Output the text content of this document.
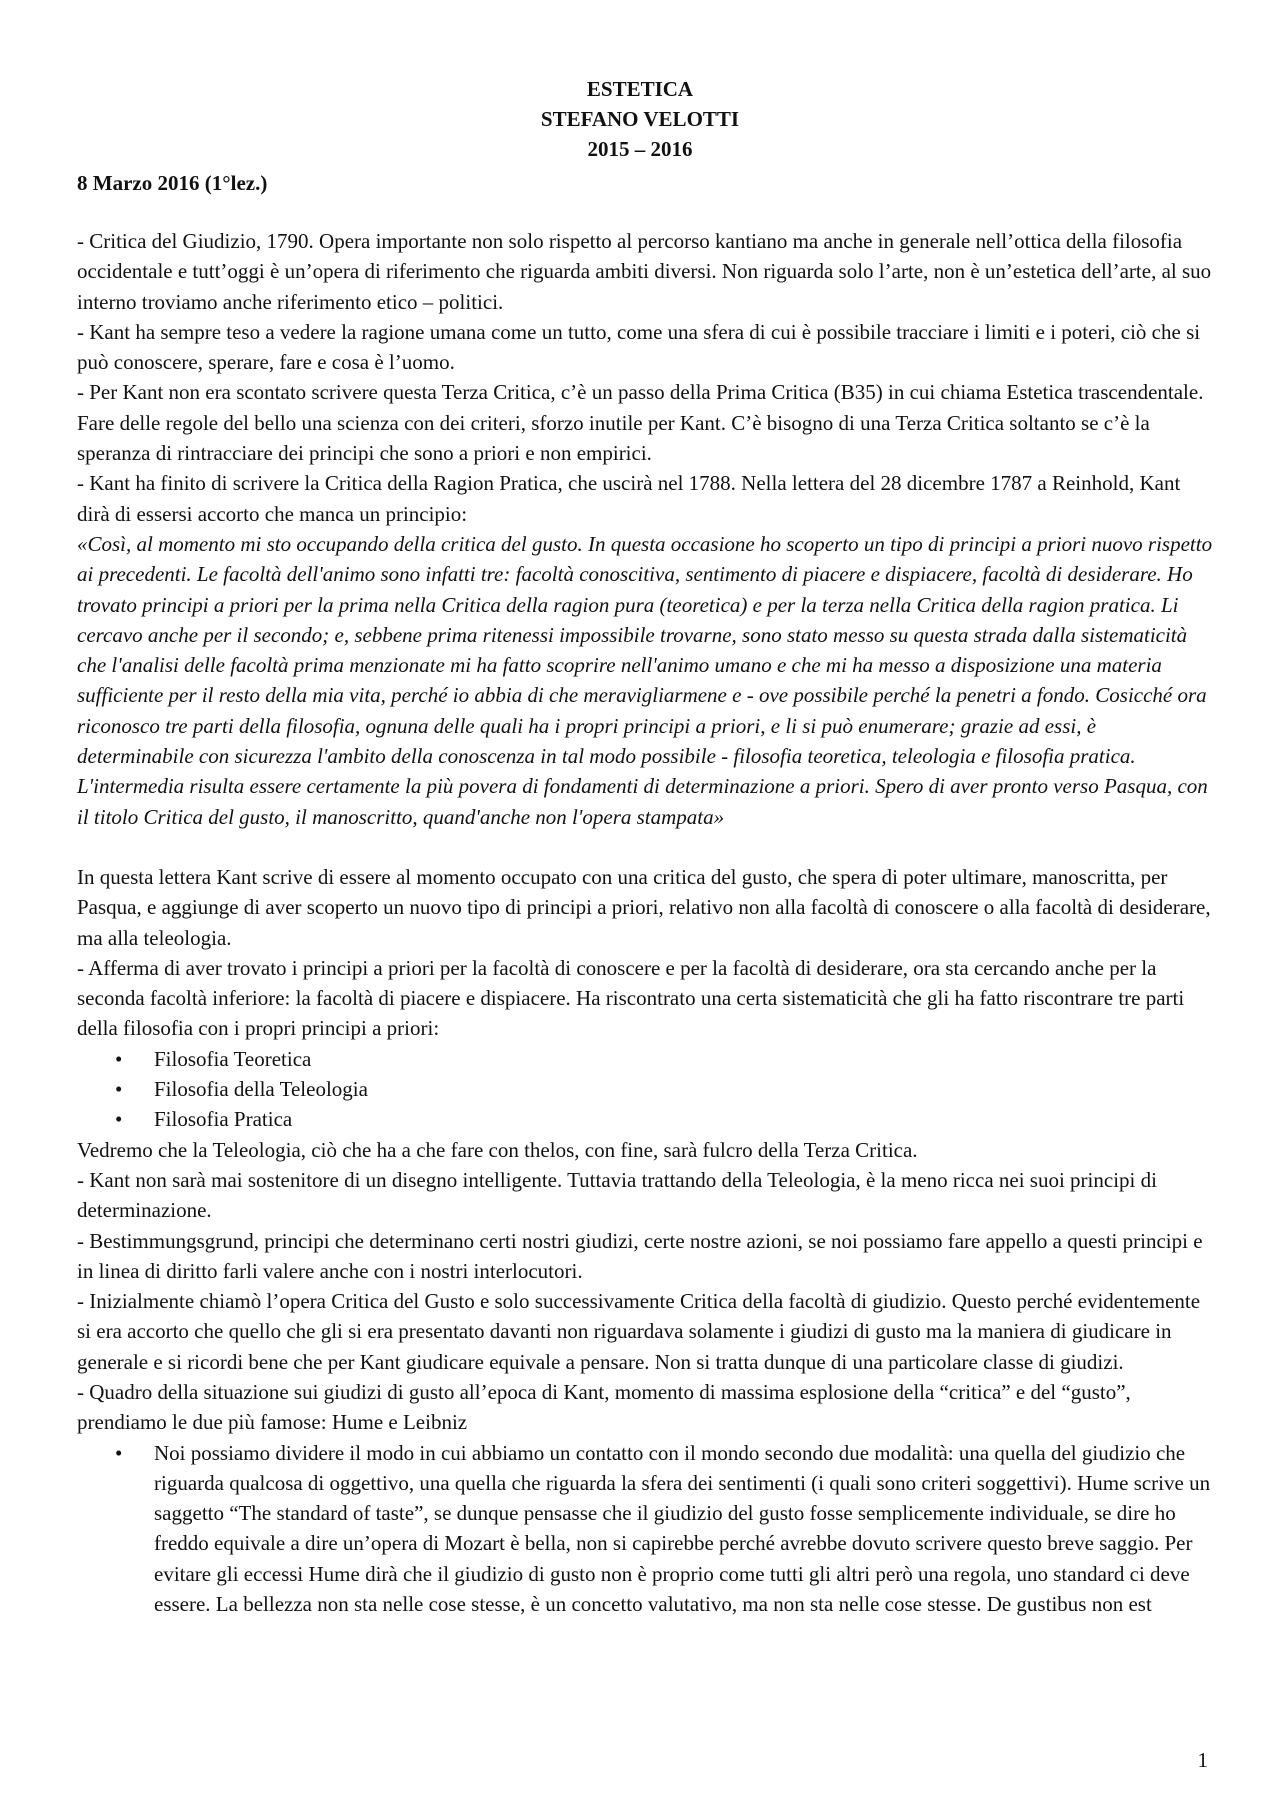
ESTETICA
STEFANO VELOTTI
2015 – 2016
8 Marzo 2016 (1°lez.)

- Critica del Giudizio, 1790. Opera importante non solo rispetto al percorso kantiano ma anche in generale nell’ottica della filosofia occidentale e tutt’oggi è un’opera di riferimento che riguarda ambiti diversi. Non riguarda solo l’arte, non è un’estetica dell’arte, al suo interno troviamo anche riferimento etico – politici.

- Kant ha sempre teso a vedere la ragione umana come un tutto, come una sfera di cui è possibile tracciare i limiti e i poteri, ciò che si può conoscere, sperare, fare e cosa è l’uomo.

- Per Kant non era scontato scrivere questa Terza Critica, c’è un passo della Prima Critica (B35) in cui chiama Estetica trascendentale. Fare delle regole del bello una scienza con dei criteri, sforzo inutile per Kant. C’è bisogno di una Terza Critica soltanto se c’è la speranza di rintracciare dei principi che sono a priori e non empirici.

- Kant ha finito di scrivere la Critica della Ragion Pratica, che uscirà nel 1788. Nella lettera del 28 dicembre 1787 a Reinhold, Kant dirà di essersi accorto che manca un principio:

«Così, al momento mi sto occupando della critica del gusto. In questa occasione ho scoperto un tipo di principi a priori nuovo rispetto ai precedenti. Le facoltà dell'animo sono infatti tre: facoltà conoscitiva, sentimento di piacere e dispiacere, facoltà di desiderare. Ho trovato principi a priori per la prima nella Critica della ragion pura (teoretica) e per la terza nella Critica della ragion pratica. Li cercavo anche per il secondo; e, sebbene prima ritenessi impossibile trovarne, sono stato messo su questa strada dalla sistematicità che l'analisi delle facoltà prima menzionate mi ha fatto scoprire nell'animo umano e che mi ha messo a disposizione una materia sufficiente per il resto della mia vita, perché io abbia di che meravigliarmene e - ove possibile perché la penetri a fondo. Cosicché ora riconosco tre parti della filosofia, ognuna delle quali ha i propri principi a priori, e li si può enumerare; grazie ad essi, è determinabile con sicurezza l'ambito della conoscenza in tal modo possibile - filosofia teoretica, teleologia e filosofia pratica. L'intermedia risulta essere certamente la più povera di fondamenti di determinazione a priori. Spero di aver pronto verso Pasqua, con il titolo Critica del gusto, il manoscritto, quand'anche non l'opera stampata»

In questa lettera Kant scrive di essere al momento occupato con una critica del gusto, che spera di poter ultimare, manoscritta, per Pasqua, e aggiunge di aver scoperto un nuovo tipo di principi a priori, relativo non alla facoltà di conoscere o alla facoltà di desiderare, ma alla teleologia.

- Afferma di aver trovato i principi a priori per la facoltà di conoscere e per la facoltà di desiderare, ora sta cercando anche per la seconda facoltà inferiore: la facoltà di piacere e dispiacere. Ha riscontrato una certa sistematicità che gli ha fatto riscontrare tre parti della filosofia con i propri principi a priori:

• Filosofia Teoretica
• Filosofia della Teleologia
• Filosofia Pratica

Vedremo che la Teleologia, ciò che ha a che fare con thelos, con fine, sarà fulcro della Terza Critica.

- Kant non sarà mai sostenitore di un disegno intelligente. Tuttavia trattando della Teleologia, è la meno ricca nei suoi principi di determinazione.

- Bestimmungsgrund, principi che determinano certi nostri giudizi, certe nostre azioni, se noi possiamo fare appello a questi principi e in linea di diritto farli valere anche con i nostri interlocutori.

- Inizialmente chiamò l’opera Critica del Gusto e solo successivamente Critica della facoltà di giudizio. Questo perché evidentemente si era accorto che quello che gli si era presentato davanti non riguardava solamente i giudizi di gusto ma la maniera di giudicare in generale e si ricordi bene che per Kant giudicare equivale a pensare. Non si tratta dunque di una particolare classe di giudizi.

- Quadro della situazione sui giudizi di gusto all’epoca di Kant, momento di massima esplosione della “critica” e del “gusto”, prendiamo le due più famose: Hume e Leibniz

• Noi possiamo dividere il modo in cui abbiamo un contatto con il mondo secondo due modalità: una quella del giudizio che riguarda qualcosa di oggettivo, una quella che riguarda la sfera dei sentimenti (i quali sono criteri soggettivi). Hume scrive un saggetto “The standard of taste”, se dunque pensasse che il giudizio del gusto fosse semplicemente individuale, se dire ho freddo equivale a dire un’opera di Mozart è bella, non si capirebbe perché avrebbe dovuto scrivere questo breve saggio. Per evitare gli eccessi Hume dirà che il giudizio di gusto non è proprio come tutti gli altri però una regola, uno standard ci deve essere. La bellezza non sta nelle cose stesse, è un concetto valutativo, ma non sta nelle cose stesse. De gustibus non est
1
